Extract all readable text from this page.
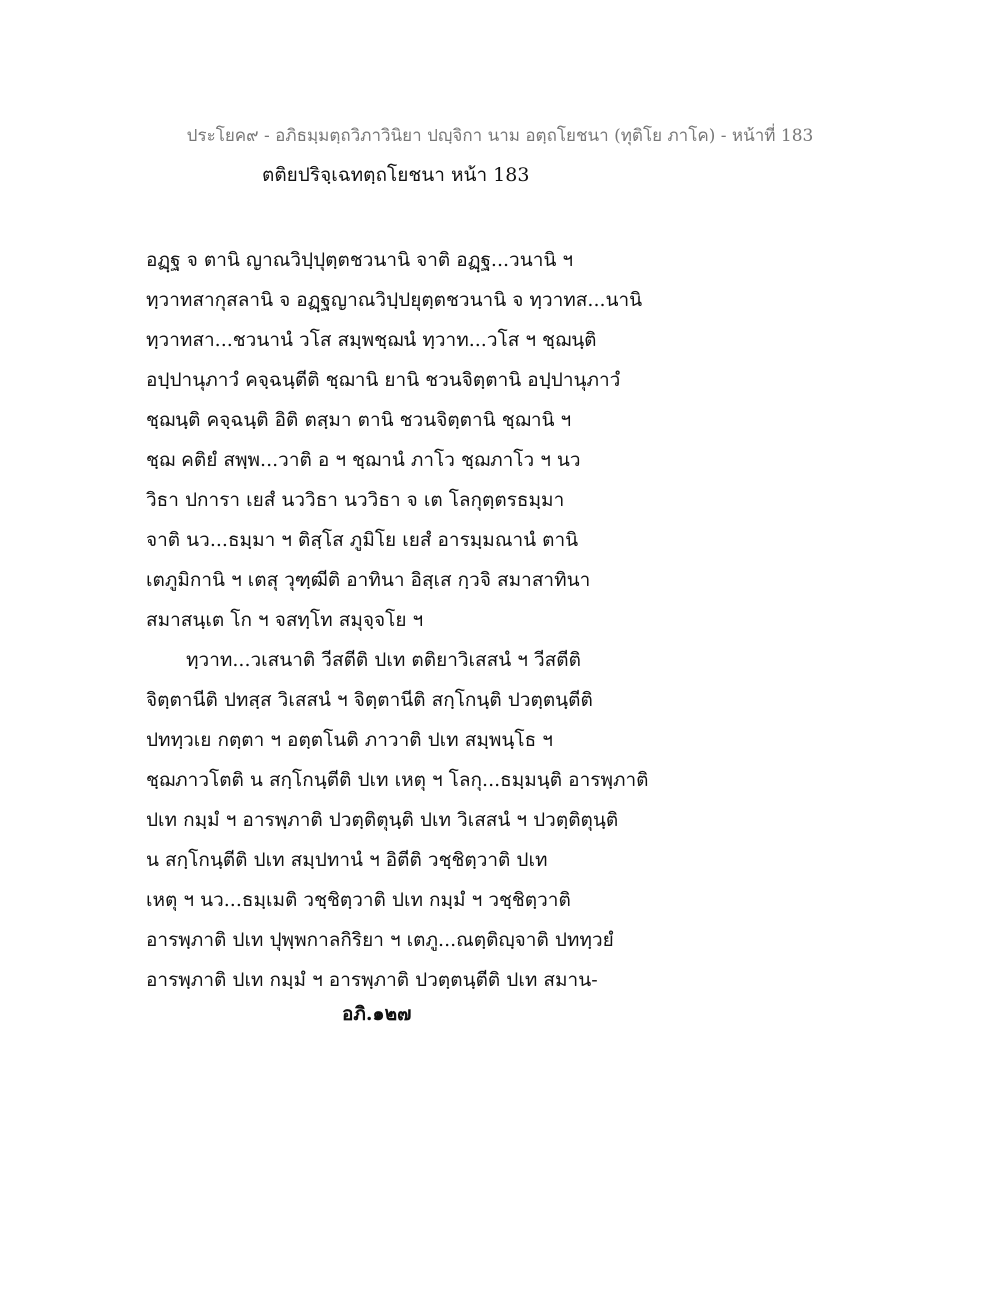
ประโยค๙ - อภิธมฺมตฺถวิภาวินิยา ปญฺจิกา นาม อตฺถโยชนา (ทุติโย ภาโค) - หน้าที่ 183
ตติยปริจฺเฉทตฺถโยชนา หน้า 183
อฏฺฐ จ ตานิ ญาณวิปฺปุตฺตชวนานิ จาติ อฏฺฐ...วนานิ ฯ
ทฺวาทสากุสลานิ จ อฏฺฐญาณวิปฺปยุตฺตชวนานิ จ ทฺวาทส...นานิ
ทฺวาทสา...ชวนานํ วโส สมฺพชฺฌนํ ทฺวาท...วโส ฯ ชฺฌนฺติ
อปฺปานุภาวํ คจฺฉนฺตีติ ชฺฌานิ ยานิ ชวนจิตฺตานิ อปฺปานุภาวํ
ชฺฌนฺติ คจฺฉนฺติ อิติ ตสฺมา ตานิ ชวนจิตฺตานิ ชฺฌานิ ฯ
ชฺฌ คติยํ สพฺพ...วาติ อ ฯ ชฺฌานํ ภาโว ชฺฌภาโว ฯ นว
วิธา ปการา เยสํ นววิธา นววิธา จ เต โลกุตฺตรธมฺมา
จาติ นว...ธมฺมา ฯ ติสฺโส ภูมิโย เยสํ อารมฺมณานํ ตานิ
เตภูมิกานิ ฯ เตสุ วุฑฺฒีติ อาทินา อิสฺเส กฺวจิ สมาสาทินา
สมาสนฺเต โก ฯ จสทฺโท สมุจฺจโย ฯ
ทฺวาท...วเสนาติ วีสตีติ ปเท ตติยาวิเสสนํ ฯ วีสตีติ
จิตฺตานีติ ปทสฺส วิเสสนํ ฯ จิตฺตานีติ สกฺโกนฺติ ปวตฺตนฺตีติ
ปททฺวเย กตฺตา ฯ อตฺตโนติ ภาวาติ ปเท สมฺพนฺโธ ฯ
ชฺฌภาวโตติ น สกฺโกนฺตีติ ปเท เหตุ ฯ โลกุ...ธมฺมนฺติ อารพฺภาติ
ปเท กมฺมํ ฯ อารพฺภาติ ปวตฺติตุนฺติ ปเท วิเสสนํ ฯ ปวตฺติตุนฺติ
น สกฺโกนฺตีติ ปเท สมฺปทานํ ฯ อิตีติ วชฺชิตฺวาติ ปเท
เหตุ ฯ นว...ธมฺเมติ วชฺชิตฺวาติ ปเท กมฺมํ ฯ วชฺชิตฺวาติ
อารพฺภาติ ปเท ปุพฺพกาลกิริยา ฯ เตภู...ณตฺติญฺจาติ ปททฺวยํ
อารพฺภาติ ปเท กมฺมํ ฯ อารพฺภาติ ปวตฺตนฺตีติ ปเท สมาน-
อภิ.๑๒๗
